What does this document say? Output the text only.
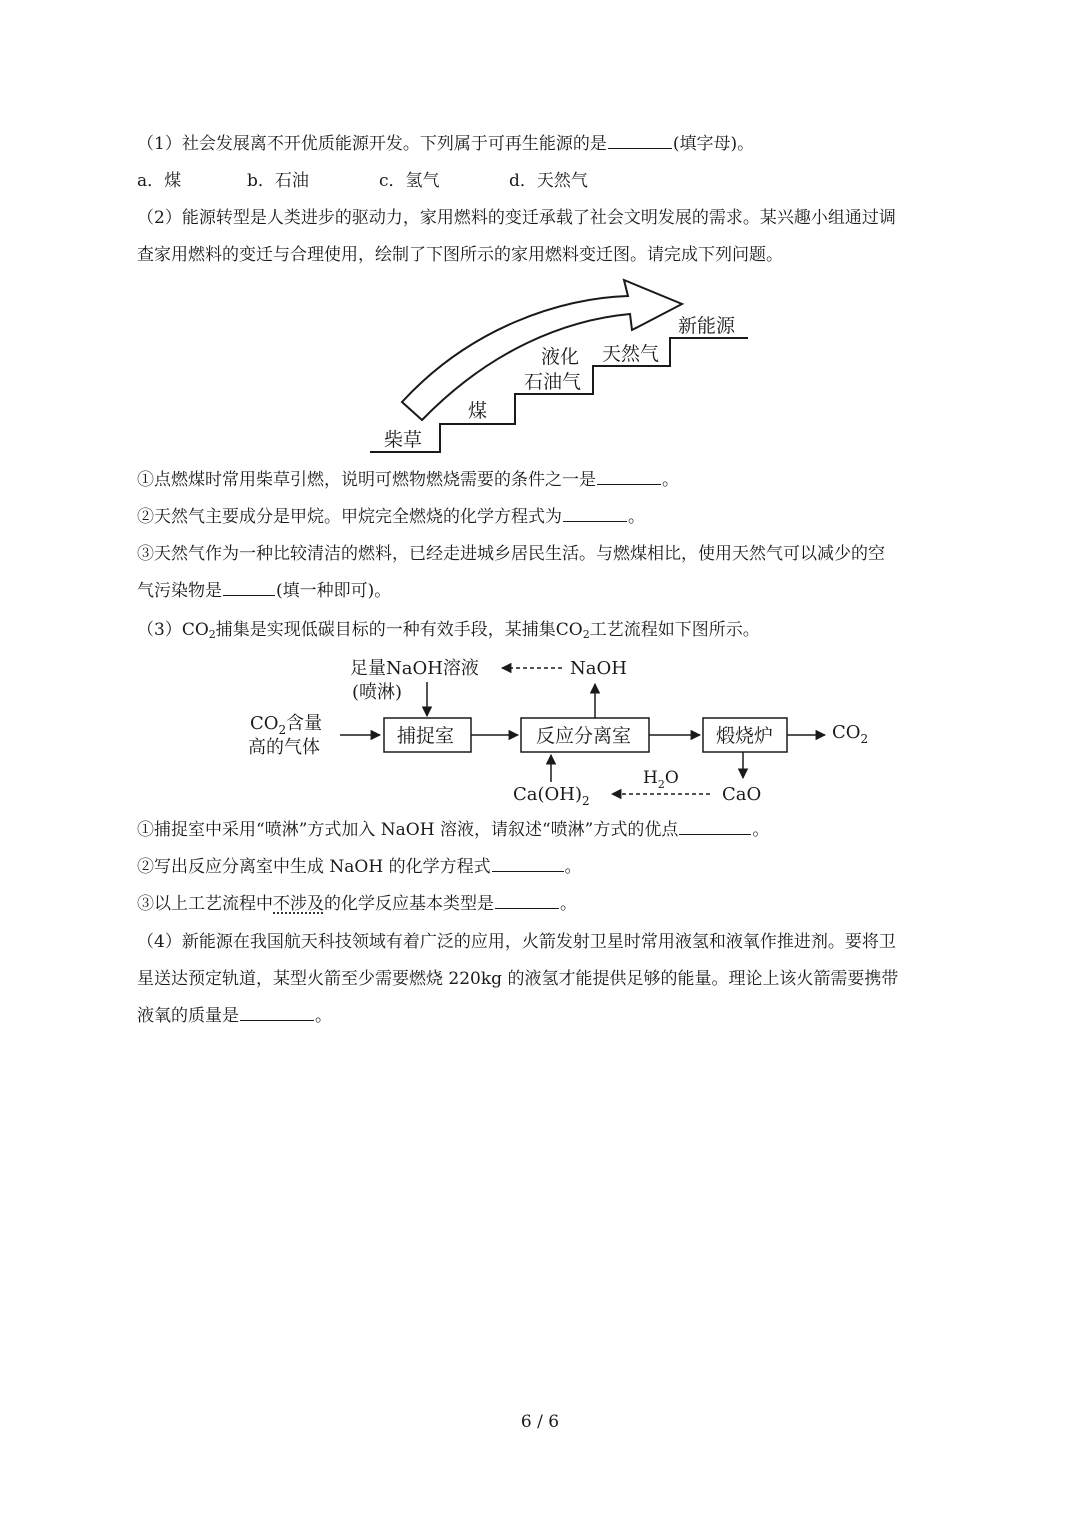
（1）社会发展离不开优质能源开发。下列属于可再生能源的是	(填字母)。
a．煤	b．石油	c．氢气	d．天然气
（2）能源转型是人类进步的驱动力，家用燃料的变迁承载了社会文明发展的需求。某兴趣小组通过调
查家用燃料的变迁与合理使用，绘制了下图所示的家用燃料变迁图。请完成下列问题。
柴草
煤
液化
石油气
天然气
新能源
①点燃煤时常用柴草引燃，说明可燃物燃烧需要的条件之一是	。
②天然气主要成分是甲烷。甲烷完全燃烧的化学方程式为	。
③天然气作为一种比较清洁的燃料，已经走进城乡居民生活。与燃煤相比，使用天然气可以减少的空
气污染物是	(填一种即可)。
$(3)CO_2$捕集是实现低碳目标的一种有效手段，某捕集$CO_2$工艺流程如下图所示。
$CO_2$含量
高的气体
足量NaOH溶液
(喷淋)
捕捉室	反应分离室
NaOH
煅烧炉	$CO_2$
CaO
$H_2O$
$Ca(OH)_2$
①捕捉室中采用“喷淋”方式加入 NaOH 溶液，请叙述“喷淋”方式的优点	。
②写出反应分离室中生成 NaOH 的化学方程式	。
③以上工艺流程中不涉及的化学反应基本类型是	。
（4）新能源在我国航天科技领域有着广泛的应用，火箭发射卫星时常用液氢和液氧作推进剂。要将卫
星送达预定轨道，某型火箭至少需要燃烧 220kg 的液氢才能提供足够的能量。理论上该火箭需要携带
液氧的质量是	。
6 / 6
